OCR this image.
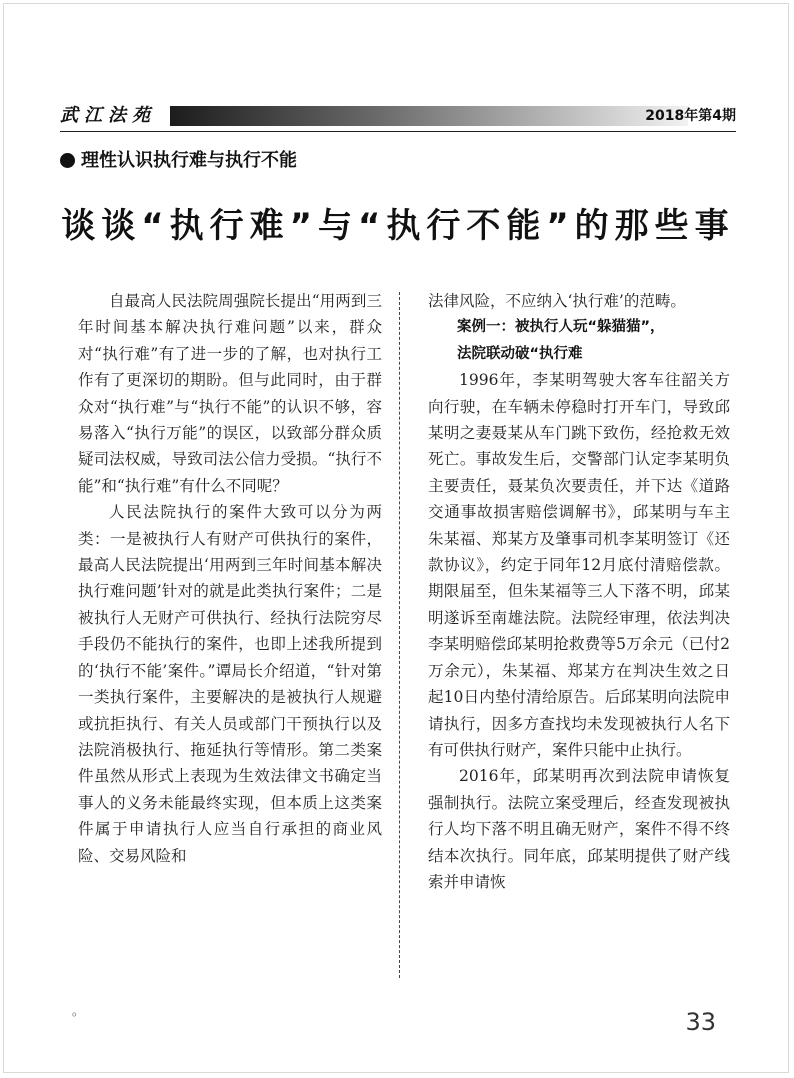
武江法苑	2018年第4期
理性认识执行难与执行不能
谈谈“执行难”与“执行不能”的那些事

自最高人民法院周强院长提出“用两到三年时间基本解决执行难问题”以来，群众对“执行难”有了进一步的了解，也对执行工作有了更深切的期盼。但与此同时，由于群众对“执行难”与“执行不能”的认识不够，容易落入“执行万能”的误区，以致部分群众质疑司法权威，导致司法公信力受损。“执行不能”和“执行难”有什么不同呢？

人民法院执行的案件大致可以分为两类：一是被执行人有财产可供执行的案件，最高人民法院提出‘用两到三年时间基本解决执行难问题’针对的就是此类执行案件；二是被执行人无财产可供执行、经执行法院穷尽手段仍不能执行的案件，也即上述我所提到的‘执行不能’案件。”谭局长介绍道，“针对第一类执行案件，主要解决的是被执行人规避或抗拒执行、有关人员或部门干预执行以及法院消极执行、拖延执行等情形。第二类案件虽然从形式上表现为生效法律文书确定当事人的义务未能最终实现，但本质上这类案件属于申请执行人应当自行承担的商业风险、交易风险和

法律风险，不应纳入‘执行难’的范畴。

案例一：被执行人玩“躲猫猫”，

法院联动破“执行难

1996年，李某明驾驶大客车往韶关方向行驶，在车辆未停稳时打开车门，导致邱某明之妻聂某从车门跳下致伤，经抢救无效死亡。事故发生后，交警部门认定李某明负主要责任，聂某负次要责任，并下达《道路交通事故损害赔偿调解书》，邱某明与车主朱某福、郑某方及肇事司机李某明签订《还款协议》，约定于同年12月底付清赔偿款。期限届至，但朱某福等三人下落不明，邱某明遂诉至南雄法院。法院经审理，依法判决李某明赔偿邱某明抢救费等5万余元（已付2万余元），朱某福、郑某方在判决生效之日起10日内垫付清给原告。后邱某明向法院申请执行，因多方查找均未发现被执行人名下有可供执行财产，案件只能中止执行。

2016年，邱某明再次到法院申请恢复强制执行。法院立案受理后，经查发现被执行人均下落不明且确无财产，案件不得不终结本次执行。同年底，邱某明提供了财产线索并申请恢

。	33
